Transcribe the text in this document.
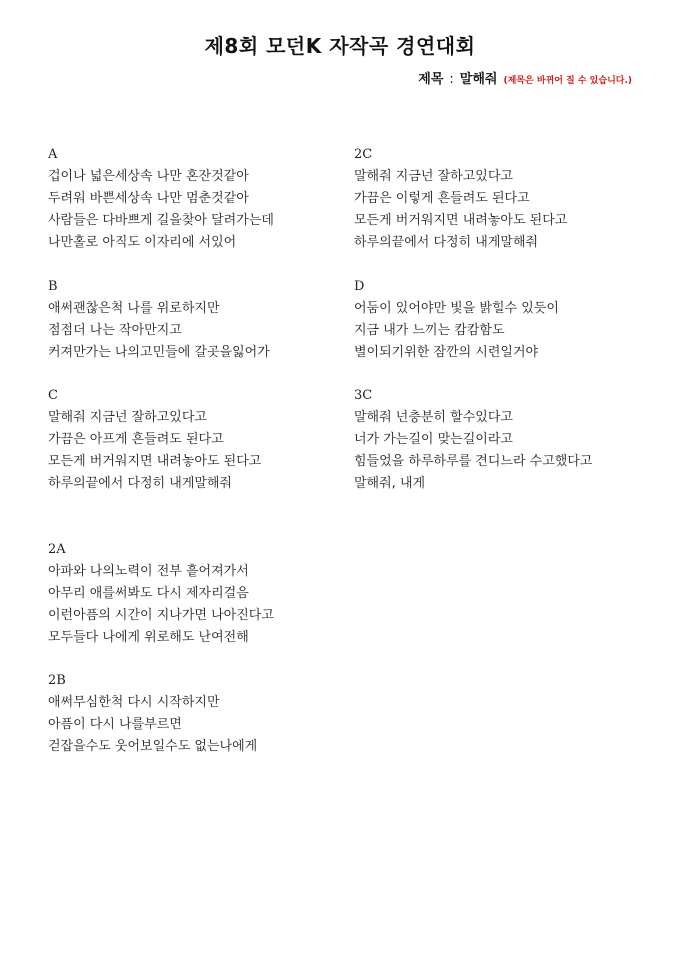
제8회 모던K 자작곡 경연대회
제목 : 말해줘 (제목은 바뀌어 질 수 있습니다.)
A
겁이나 넓은세상속 나만 혼잔것같아
두려워 바쁜세상속 나만 멈춘것같아
사람들은 다바쁘게 길을찾아 달려가는데
나만홀로 아직도 이자리에 서있어
B
애써괜찮은척 나를 위로하지만
점점더 나는 작아만지고
커져만가는 나의고민들에 갈곳을잃어가
C
말해줘 지금넌 잘하고있다고
가끔은 아프게 흔들려도 된다고
모든게 버거워지면 내려놓아도 된다고
하루의끝에서 다정히 내게말해줘
2A
아파와 나의노력이 전부 흩어져가서
아무리 애를써봐도 다시 제자리걸음
이런아픔의 시간이 지나가면 나아진다고
모두들다 나에게 위로해도 난여전해
2B
애써무심한척 다시 시작하지만
아픔이 다시 나를부르면
걷잡을수도 웃어보일수도 없는나에게
2C
말해줘 지금넌 잘하고있다고
가끔은 이렇게 흔들려도 된다고
모든게 버거워지면 내려놓아도 된다고
하루의끝에서 다정히 내게말해줘
D
어둠이 있어야만 빛을 밝힐수 있듯이
지금 내가 느끼는 캄캄함도
별이되기위한 잠깐의 시련일거야
3C
말해줘 넌충분히 할수있다고
너가 가는길이 맞는길이라고
힘들었을 하루하루를 견디느라 수고했다고
말해줘, 내게
